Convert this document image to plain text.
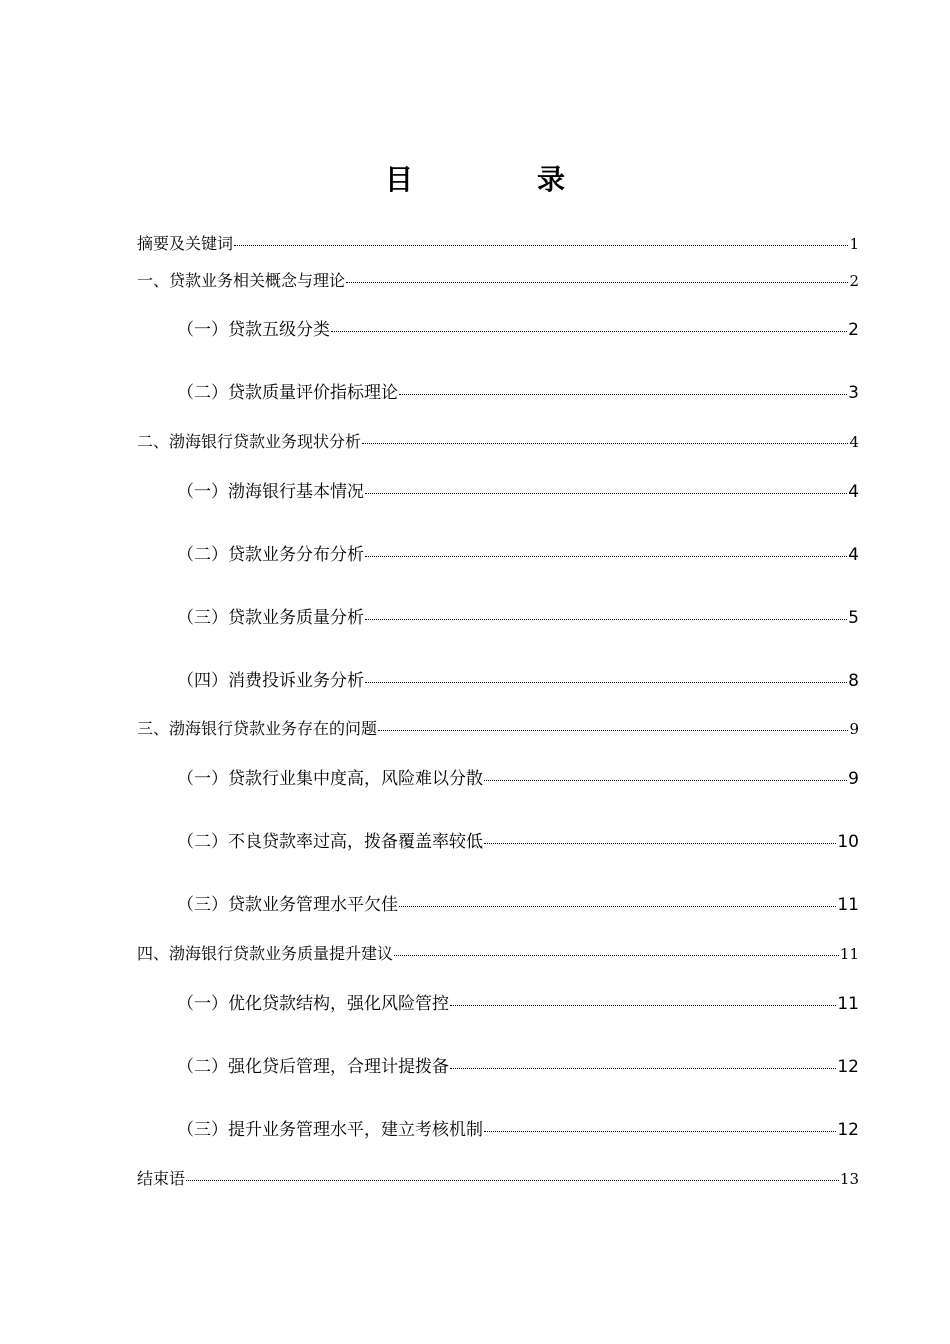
目　录
摘要及关键词	1
一、贷款业务相关概念与理论	2
（一）贷款五级分类	2
（二）贷款质量评价指标理论	3
二、渤海银行贷款业务现状分析	4
（一）渤海银行基本情况	4
（二）贷款业务分布分析	4
（三）贷款业务质量分析	5
（四）消费投诉业务分析	8
三、渤海银行贷款业务存在的问题	9
（一）贷款行业集中度高，风险难以分散	9
（二）不良贷款率过高，拨备覆盖率较低	10
（三）贷款业务管理水平欠佳	11
四、渤海银行贷款业务质量提升建议	11
（一）优化贷款结构，强化风险管控	11
（二）强化贷后管理，合理计提拨备	12
（三）提升业务管理水平，建立考核机制	12
结束语	13
